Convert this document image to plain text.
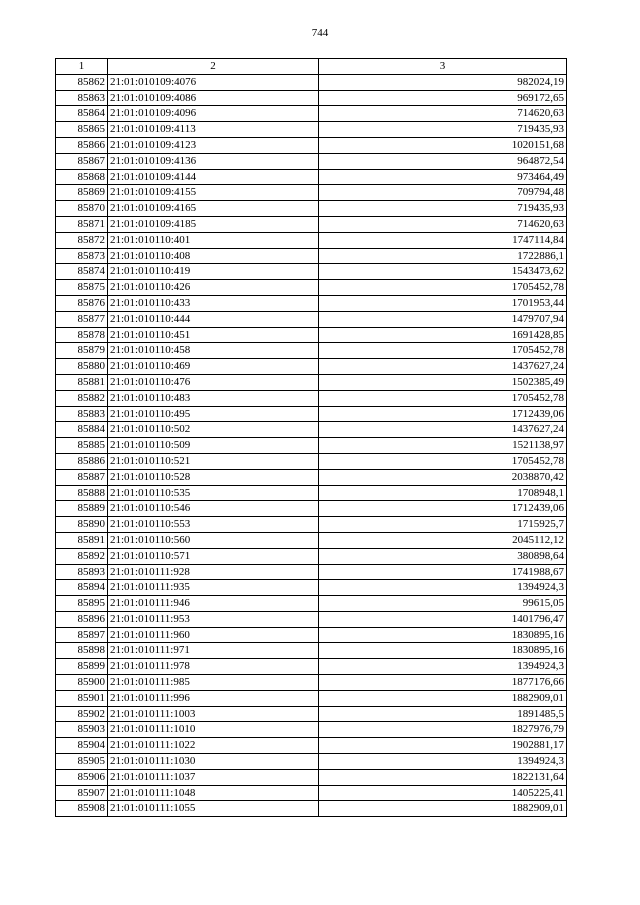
744
1	2	3
85862	21:01:010109:4076	982024,19
85863	21:01:010109:4086	969172,65
85864	21:01:010109:4096	714620,63
85865	21:01:010109:4113	719435,93
85866	21:01:010109:4123	1020151,68
85867	21:01:010109:4136	964872,54
85868	21:01:010109:4144	973464,49
85869	21:01:010109:4155	709794,48
85870	21:01:010109:4165	719435,93
85871	21:01:010109:4185	714620,63
85872	21:01:010110:401	1747114,84
85873	21:01:010110:408	1722886,1
85874	21:01:010110:419	1543473,62
85875	21:01:010110:426	1705452,78
85876	21:01:010110:433	1701953,44
85877	21:01:010110:444	1479707,94
85878	21:01:010110:451	1691428,85
85879	21:01:010110:458	1705452,78
85880	21:01:010110:469	1437627,24
85881	21:01:010110:476	1502385,49
85882	21:01:010110:483	1705452,78
85883	21:01:010110:495	1712439,06
85884	21:01:010110:502	1437627,24
85885	21:01:010110:509	1521138,97
85886	21:01:010110:521	1705452,78
85887	21:01:010110:528	2038870,42
85888	21:01:010110:535	1708948,1
85889	21:01:010110:546	1712439,06
85890	21:01:010110:553	1715925,7
85891	21:01:010110:560	2045112,12
85892	21:01:010110:571	380898,64
85893	21:01:010111:928	1741988,67
85894	21:01:010111:935	1394924,3
85895	21:01:010111:946	99615,05
85896	21:01:010111:953	1401796,47
85897	21:01:010111:960	1830895,16
85898	21:01:010111:971	1830895,16
85899	21:01:010111:978	1394924,3
85900	21:01:010111:985	1877176,66
85901	21:01:010111:996	1882909,01
85902	21:01:010111:1003	1891485,5
85903	21:01:010111:1010	1827976,79
85904	21:01:010111:1022	1902881,17
85905	21:01:010111:1030	1394924,3
85906	21:01:010111:1037	1822131,64
85907	21:01:010111:1048	1405225,41
85908	21:01:010111:1055	1882909,01
